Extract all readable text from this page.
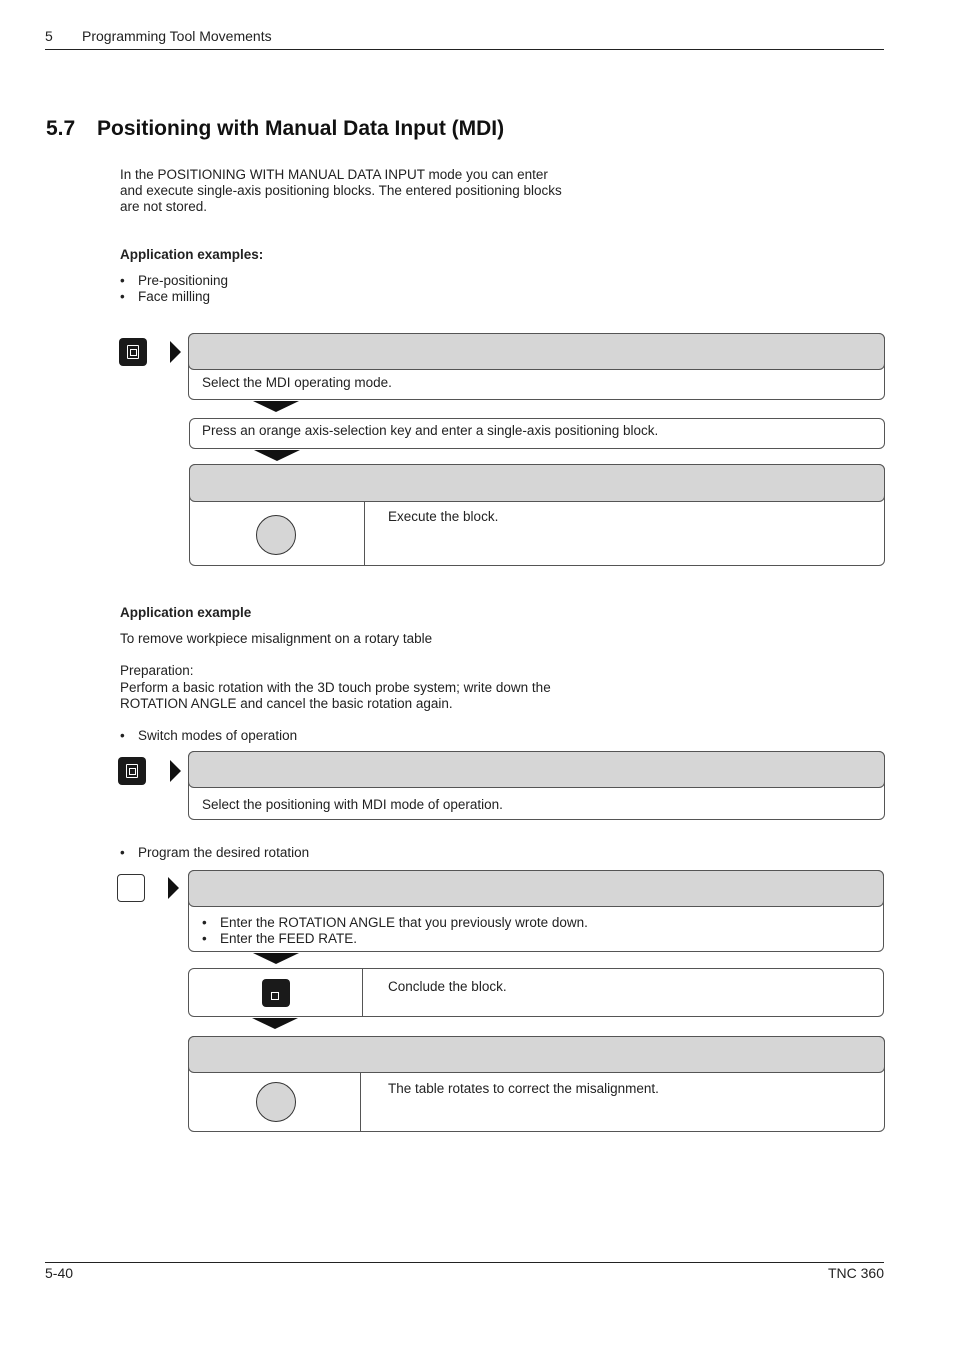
5 Programming Tool Movements
5.7 Positioning with Manual Data Input (MDI)
In the POSITIONING WITH MANUAL DATA INPUT mode you can enter
and execute single-axis positioning blocks. The entered positioning blocks
are not stored.
Application examples:
• Pre-positioning
• Face milling
Select the MDI operating mode.
Press an orange axis-selection key and enter a single-axis positioning block.
Execute the block.
Application example
To remove workpiece misalignment on a rotary table
Preparation:
Perform a basic rotation with the 3D touch probe system; write down the
ROTATION ANGLE and cancel the basic rotation again.
• Switch modes of operation
Select the positioning with MDI mode of operation.
• Program the desired rotation
• Enter the ROTATION ANGLE that you previously wrote down.
• Enter the FEED RATE.
Conclude the block.
The table rotates to correct the misalignment.
5-40	TNC 360
